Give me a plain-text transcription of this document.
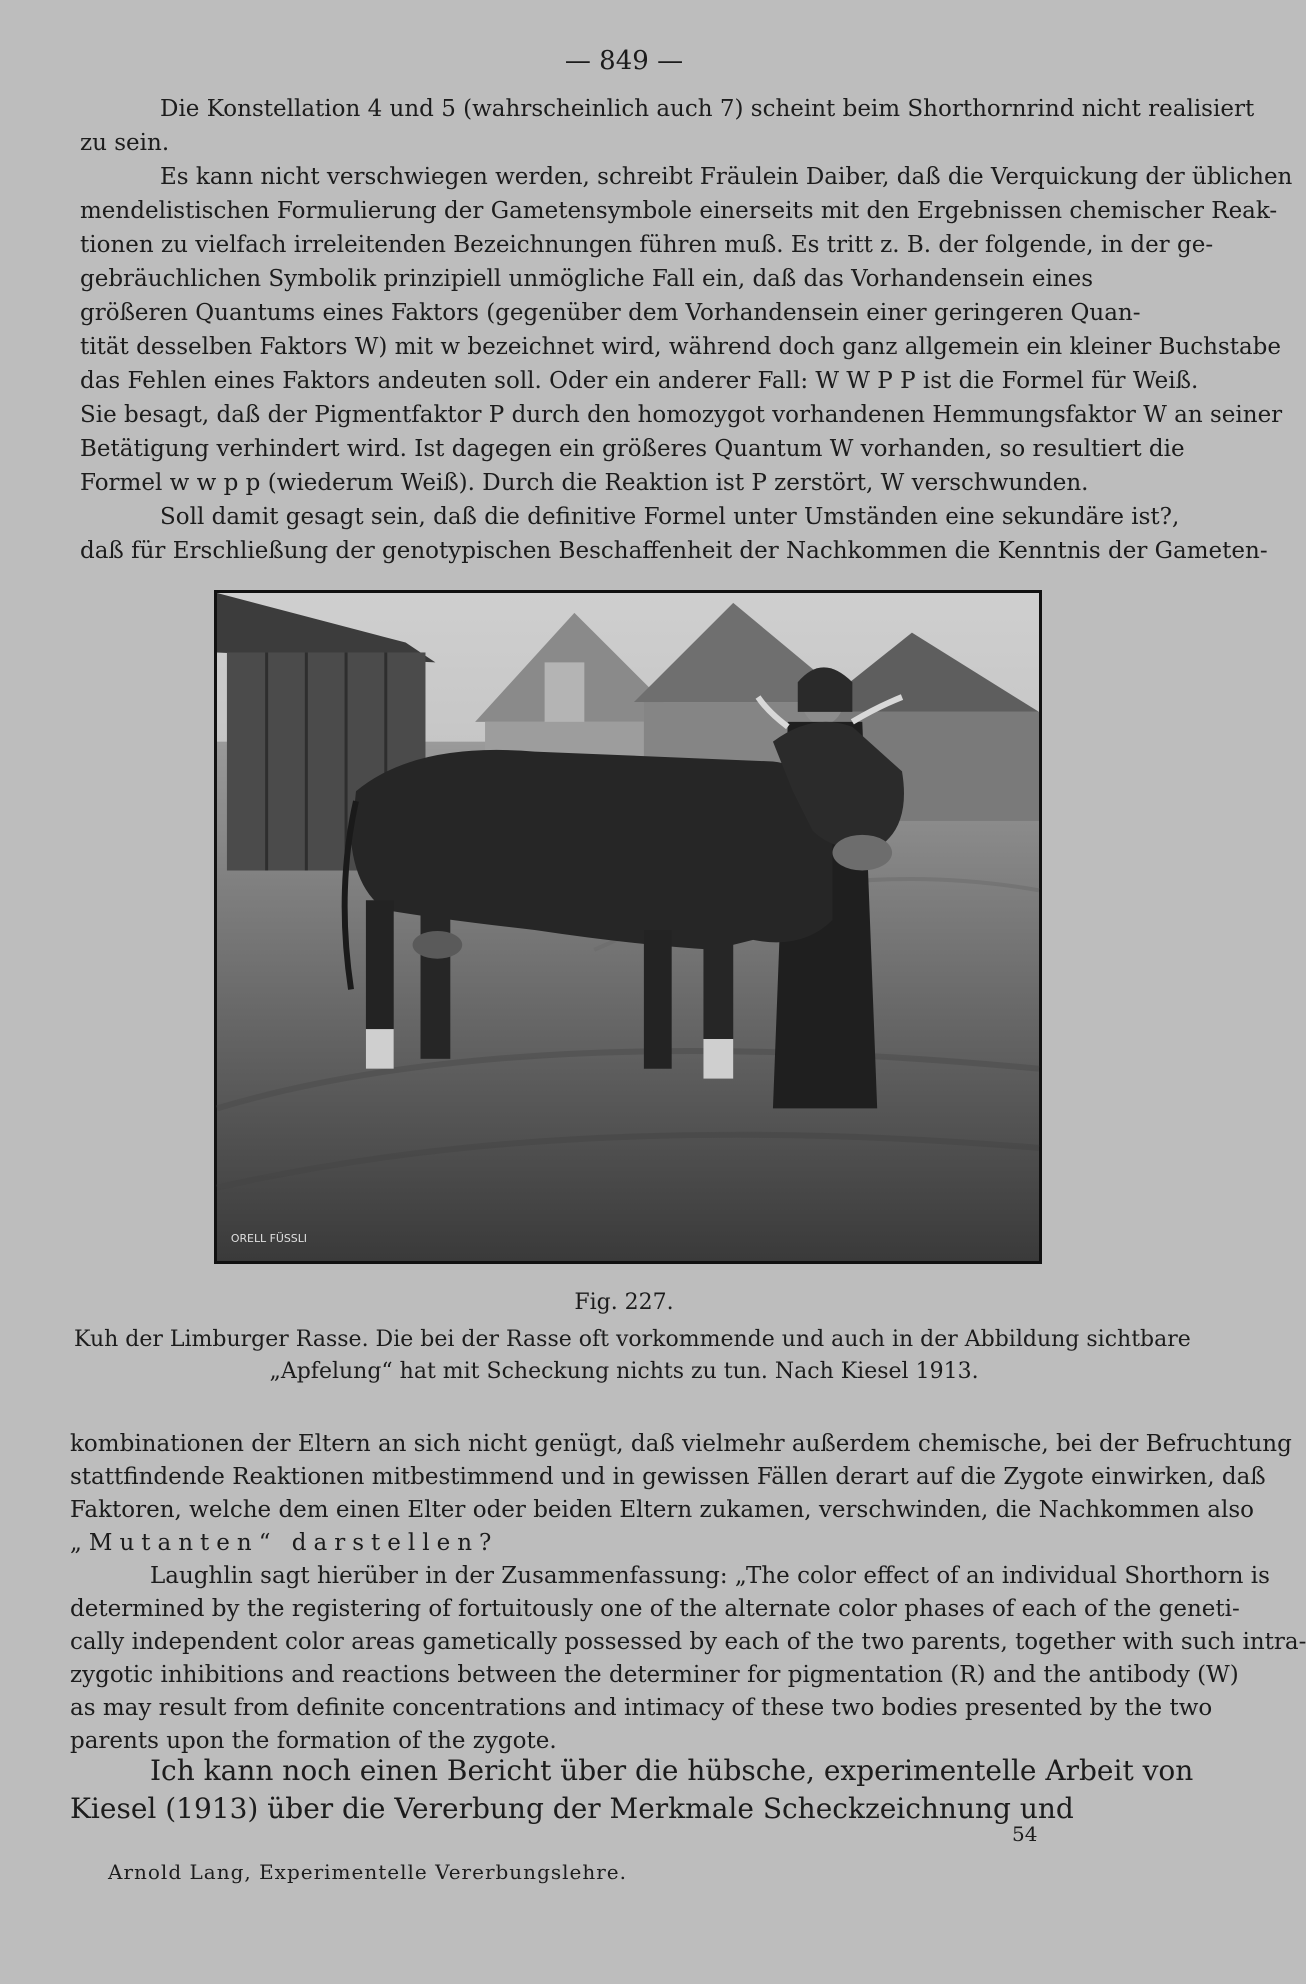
— 849 —
Die Konstellation 4 und 5 (wahrscheinlich auch 7) scheint beim Shorthornrind nicht realisiert
zu sein.
Es kann nicht verschwiegen werden, schreibt Fräulein Daiber, daß die Verquickung der üblichen
mendelistischen Formulierung der Gametensymbole einerseits mit den Ergebnissen chemischer Reak-
tionen zu vielfach irreleitenden Bezeichnungen führen muß. Es tritt z. B. der folgende, in der ge-
gebräuchlichen Symbolik prinzipiell unmögliche Fall ein, daß das Vorhandensein eines
größeren Quantums eines Faktors (gegenüber dem Vorhandensein einer geringeren Quan-
tität desselben Faktors W) mit w bezeichnet wird, während doch ganz allgemein ein kleiner Buchstabe
das Fehlen eines Faktors andeuten soll. Oder ein anderer Fall: W W P P ist die Formel für Weiß.
Sie besagt, daß der Pigmentfaktor P durch den homozygot vorhandenen Hemmungsfaktor W an seiner
Betätigung verhindert wird. Ist dagegen ein größeres Quantum W vorhanden, so resultiert die
Formel w w p p (wiederum Weiß). Durch die Reaktion ist P zerstört, W verschwunden.
Soll damit gesagt sein, daß die definitive Formel unter Umständen eine sekundäre ist?,
daß für Erschließung der genotypischen Beschaffenheit der Nachkommen die Kenntnis der Gameten-
ORELL FÜSSLI
Fig. 227.
Kuh der Limburger Rasse. Die bei der Rasse oft vorkommende und auch in der Abbildung sichtbare
„Apfelung“ hat mit Scheckung nichts zu tun. Nach Kiesel 1913.
kombinationen der Eltern an sich nicht genügt, daß vielmehr außerdem chemische, bei der Befruchtung
stattfindende Reaktionen mitbestimmend und in gewissen Fällen derart auf die Zygote einwirken, daß
Faktoren, welche dem einen Elter oder beiden Eltern zukamen, verschwinden, die Nachkommen also
„Mutanten“ darstellen?
Laughlin sagt hierüber in der Zusammenfassung: „The color effect of an individual Shorthorn is
determined by the registering of fortuitously one of the alternate color phases of each of the geneti-
cally independent color areas gametically possessed by each of the two parents, together with such intra-
zygotic inhibitions and reactions between the determiner for pigmentation (R) and the antibody (W)
as may result from definite concentrations and intimacy of these two bodies presented by the two
parents upon the formation of the zygote.
Ich kann noch einen Bericht über die hübsche, experimentelle Arbeit von
Kiesel (1913) über die Vererbung der Merkmale Scheckzeichnung und
54
Arnold Lang, Experimentelle Vererbungslehre.
